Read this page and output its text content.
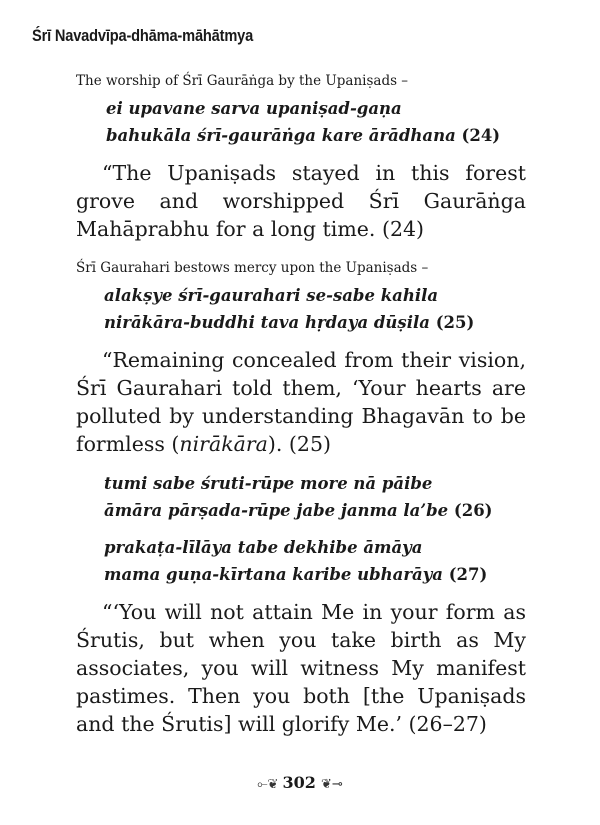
Śrī Navadvīpa-dhāma-māhātmya

The worship of Śrī Gaurāṅga by the Upaniṣads –

ei upavane sarva upaniṣad-gaṇa

bahukāla śrī-gaurāṅga kare ārādhana (24)

“The Upaniṣads stayed in this forest grove and worshipped Śrī Gaurāṅga Mahāprabhu for a long time. (24)

Śrī Gaurahari bestows mercy upon the Upaniṣads –

alakṣye śrī-gaurahari se-sabe kahila

nirākāra-buddhi tava hṛdaya dūṣila (25)

“Remaining concealed from their vision, Śrī Gaurahari told them, ‘Your hearts are polluted by understanding Bhagavān to be formless (nirākāra). (25)

tumi sabe śruti-rūpe more nā pāibe

āmāra pārṣada-rūpe jabe janma la’be (26)

prakaṭa-līlāya tabe dekhibe āmāya

mama guṇa-kīrtana karibe ubharāya (27)

“‘You will not attain Me in your form as Śrutis, but when you take birth as My associates, you will witness My manifest pastimes. Then you both [the Upaniṣads and the Śrutis] will glorify Me.’ (26–27)

⟜❦ 302 ❦⊸
